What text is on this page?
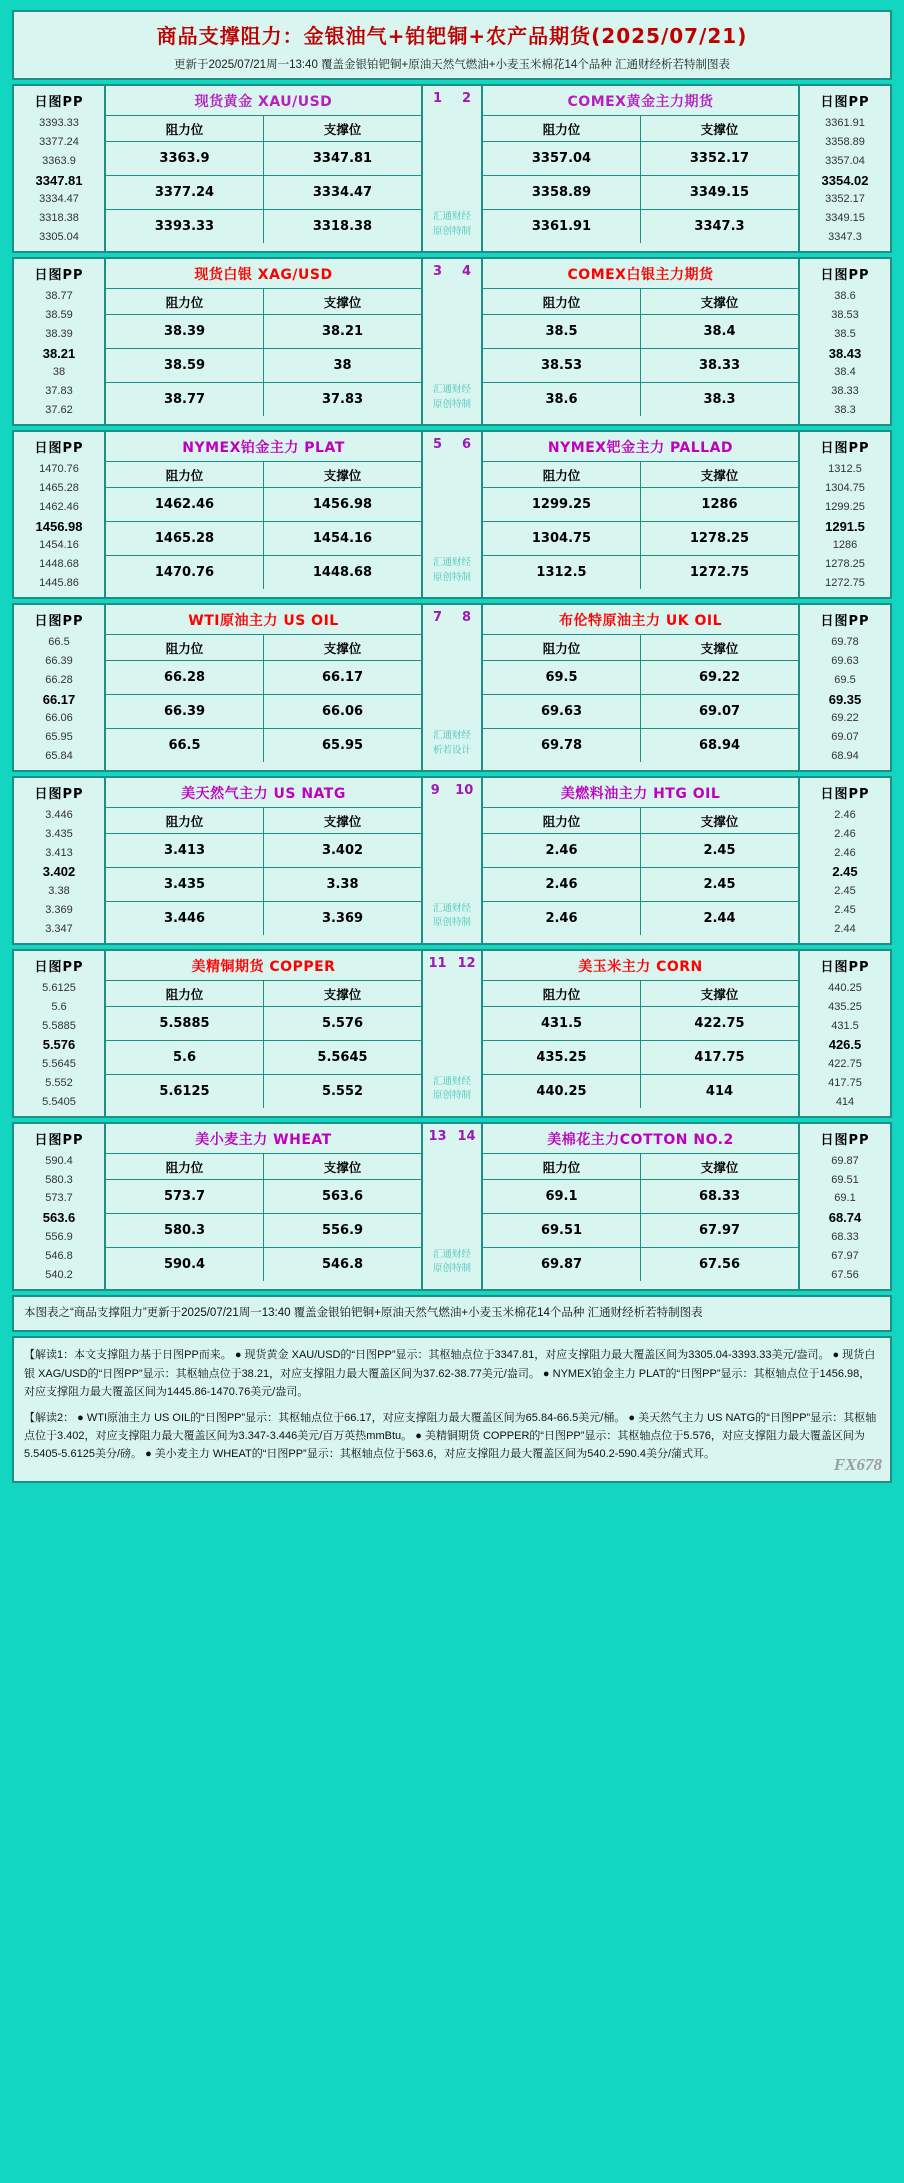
商品支撑阻力：金银油气+铂钯铜+农产品期货(2025/07/21)
更新于2025/07/21周一13:40 覆盖金银铂钯铜+原油天然气燃油+小麦玉米棉花14个品种 汇通财经析若特制图表
日图PP
3393.33
3377.24
3363.9
3347.81
3334.47
3318.38
3305.04
现货黄金 XAU/USD
阻力位	支撑位
3363.9	3347.81
3377.24	3334.47
3393.33	3318.38
1 2
汇通财经
原创特制
COMEX黄金主力期货
阻力位	支撑位
3357.04	3352.17
3358.89	3349.15
3361.91	3347.3
日图PP
3361.91
3358.89
3357.04
3354.02
3352.17
3349.15
3347.3
日图PP
38.77
38.59
38.39
38.21
38
37.83
37.62
现货白银 XAG/USD
阻力位	支撑位
38.39	38.21
38.59	38
38.77	37.83
3 4
汇通财经
原创特制
COMEX白银主力期货
阻力位	支撑位
38.5	38.4
38.53	38.33
38.6	38.3
日图PP
38.6
38.53
38.5
38.43
38.4
38.33
38.3
日图PP
1470.76
1465.28
1462.46
1456.98
1454.16
1448.68
1445.86
NYMEX铂金主力 PLAT
阻力位	支撑位
1462.46	1456.98
1465.28	1454.16
1470.76	1448.68
5 6
汇通财经
原创特制
NYMEX钯金主力 PALLAD
阻力位	支撑位
1299.25	1286
1304.75	1278.25
1312.5	1272.75
日图PP
1312.5
1304.75
1299.25
1291.5
1286
1278.25
1272.75
日图PP
66.5
66.39
66.28
66.17
66.06
65.95
65.84
WTI原油主力 US OIL
阻力位	支撑位
66.28	66.17
66.39	66.06
66.5	65.95
7 8
汇通财经
析若设计
布伦特原油主力 UK OIL
阻力位	支撑位
69.5	69.22
69.63	69.07
69.78	68.94
日图PP
69.78
69.63
69.5
69.35
69.22
69.07
68.94
日图PP
3.446
3.435
3.413
3.402
3.38
3.369
3.347
美天然气主力 US NATG
阻力位	支撑位
3.413	3.402
3.435	3.38
3.446	3.369
9 10
汇通财经
原创特制
美燃料油主力 HTG OIL
阻力位	支撑位
2.46	2.45
2.46	2.45
2.46	2.44
日图PP
2.46
2.46
2.46
2.45
2.45
2.45
2.44
日图PP
5.6125
5.6
5.5885
5.576
5.5645
5.552
5.5405
美精铜期货 COPPER
阻力位	支撑位
5.5885	5.576
5.6	5.5645
5.6125	5.552
11 12
汇通财经
原创特制
美玉米主力 CORN
阻力位	支撑位
431.5	422.75
435.25	417.75
440.25	414
日图PP
440.25
435.25
431.5
426.5
422.75
417.75
414
日图PP
590.4
580.3
573.7
563.6
556.9
546.8
540.2
美小麦主力 WHEAT
阻力位	支撑位
573.7	563.6
580.3	556.9
590.4	546.8
13 14
汇通财经
原创特制
美棉花主力COTTON NO.2
阻力位	支撑位
69.1	68.33
69.51	67.97
69.87	67.56
日图PP
69.87
69.51
69.1
68.74
68.33
67.97
67.56
本图表之“商品支撑阻力”更新于2025/07/21周一13:40 覆盖金银铂钯铜+原油天然气燃油+小麦玉米棉花14个品种 汇通财经析若特制图表

【解读1：本文支撑阻力基于日图PP而来。 ● 现货黄金 XAU/USD的“日图PP”显示：其枢轴点位于3347.81，对应支撑阻力最大覆盖区间为3305.04-3393.33美元/盎司。 ● 现货白银 XAG/USD的“日图PP”显示：其枢轴点位于38.21，对应支撑阻力最大覆盖区间为37.62-38.77美元/盎司。 ● NYMEX铂金主力 PLAT的“日图PP”显示：其枢轴点位于1456.98，对应支撑阻力最大覆盖区间为1445.86-1470.76美元/盎司。

【解读2： ● WTI原油主力 US OIL的“日图PP”显示：其枢轴点位于66.17，对应支撑阻力最大覆盖区间为65.84-66.5美元/桶。 ● 美天然气主力 US NATG的“日图PP”显示：其枢轴点位于3.402，对应支撑阻力最大覆盖区间为3.347-3.446美元/百万英热mmBtu。 ● 美精铜期货 COPPER的“日图PP”显示：其枢轴点位于5.576，对应支撑阻力最大覆盖区间为5.5405-5.6125美分/磅。 ● 美小麦主力 WHEAT的“日图PP”显示：其枢轴点位于563.6，对应支撑阻力最大覆盖区间为540.2-590.4美分/蒲式耳。

FX678
